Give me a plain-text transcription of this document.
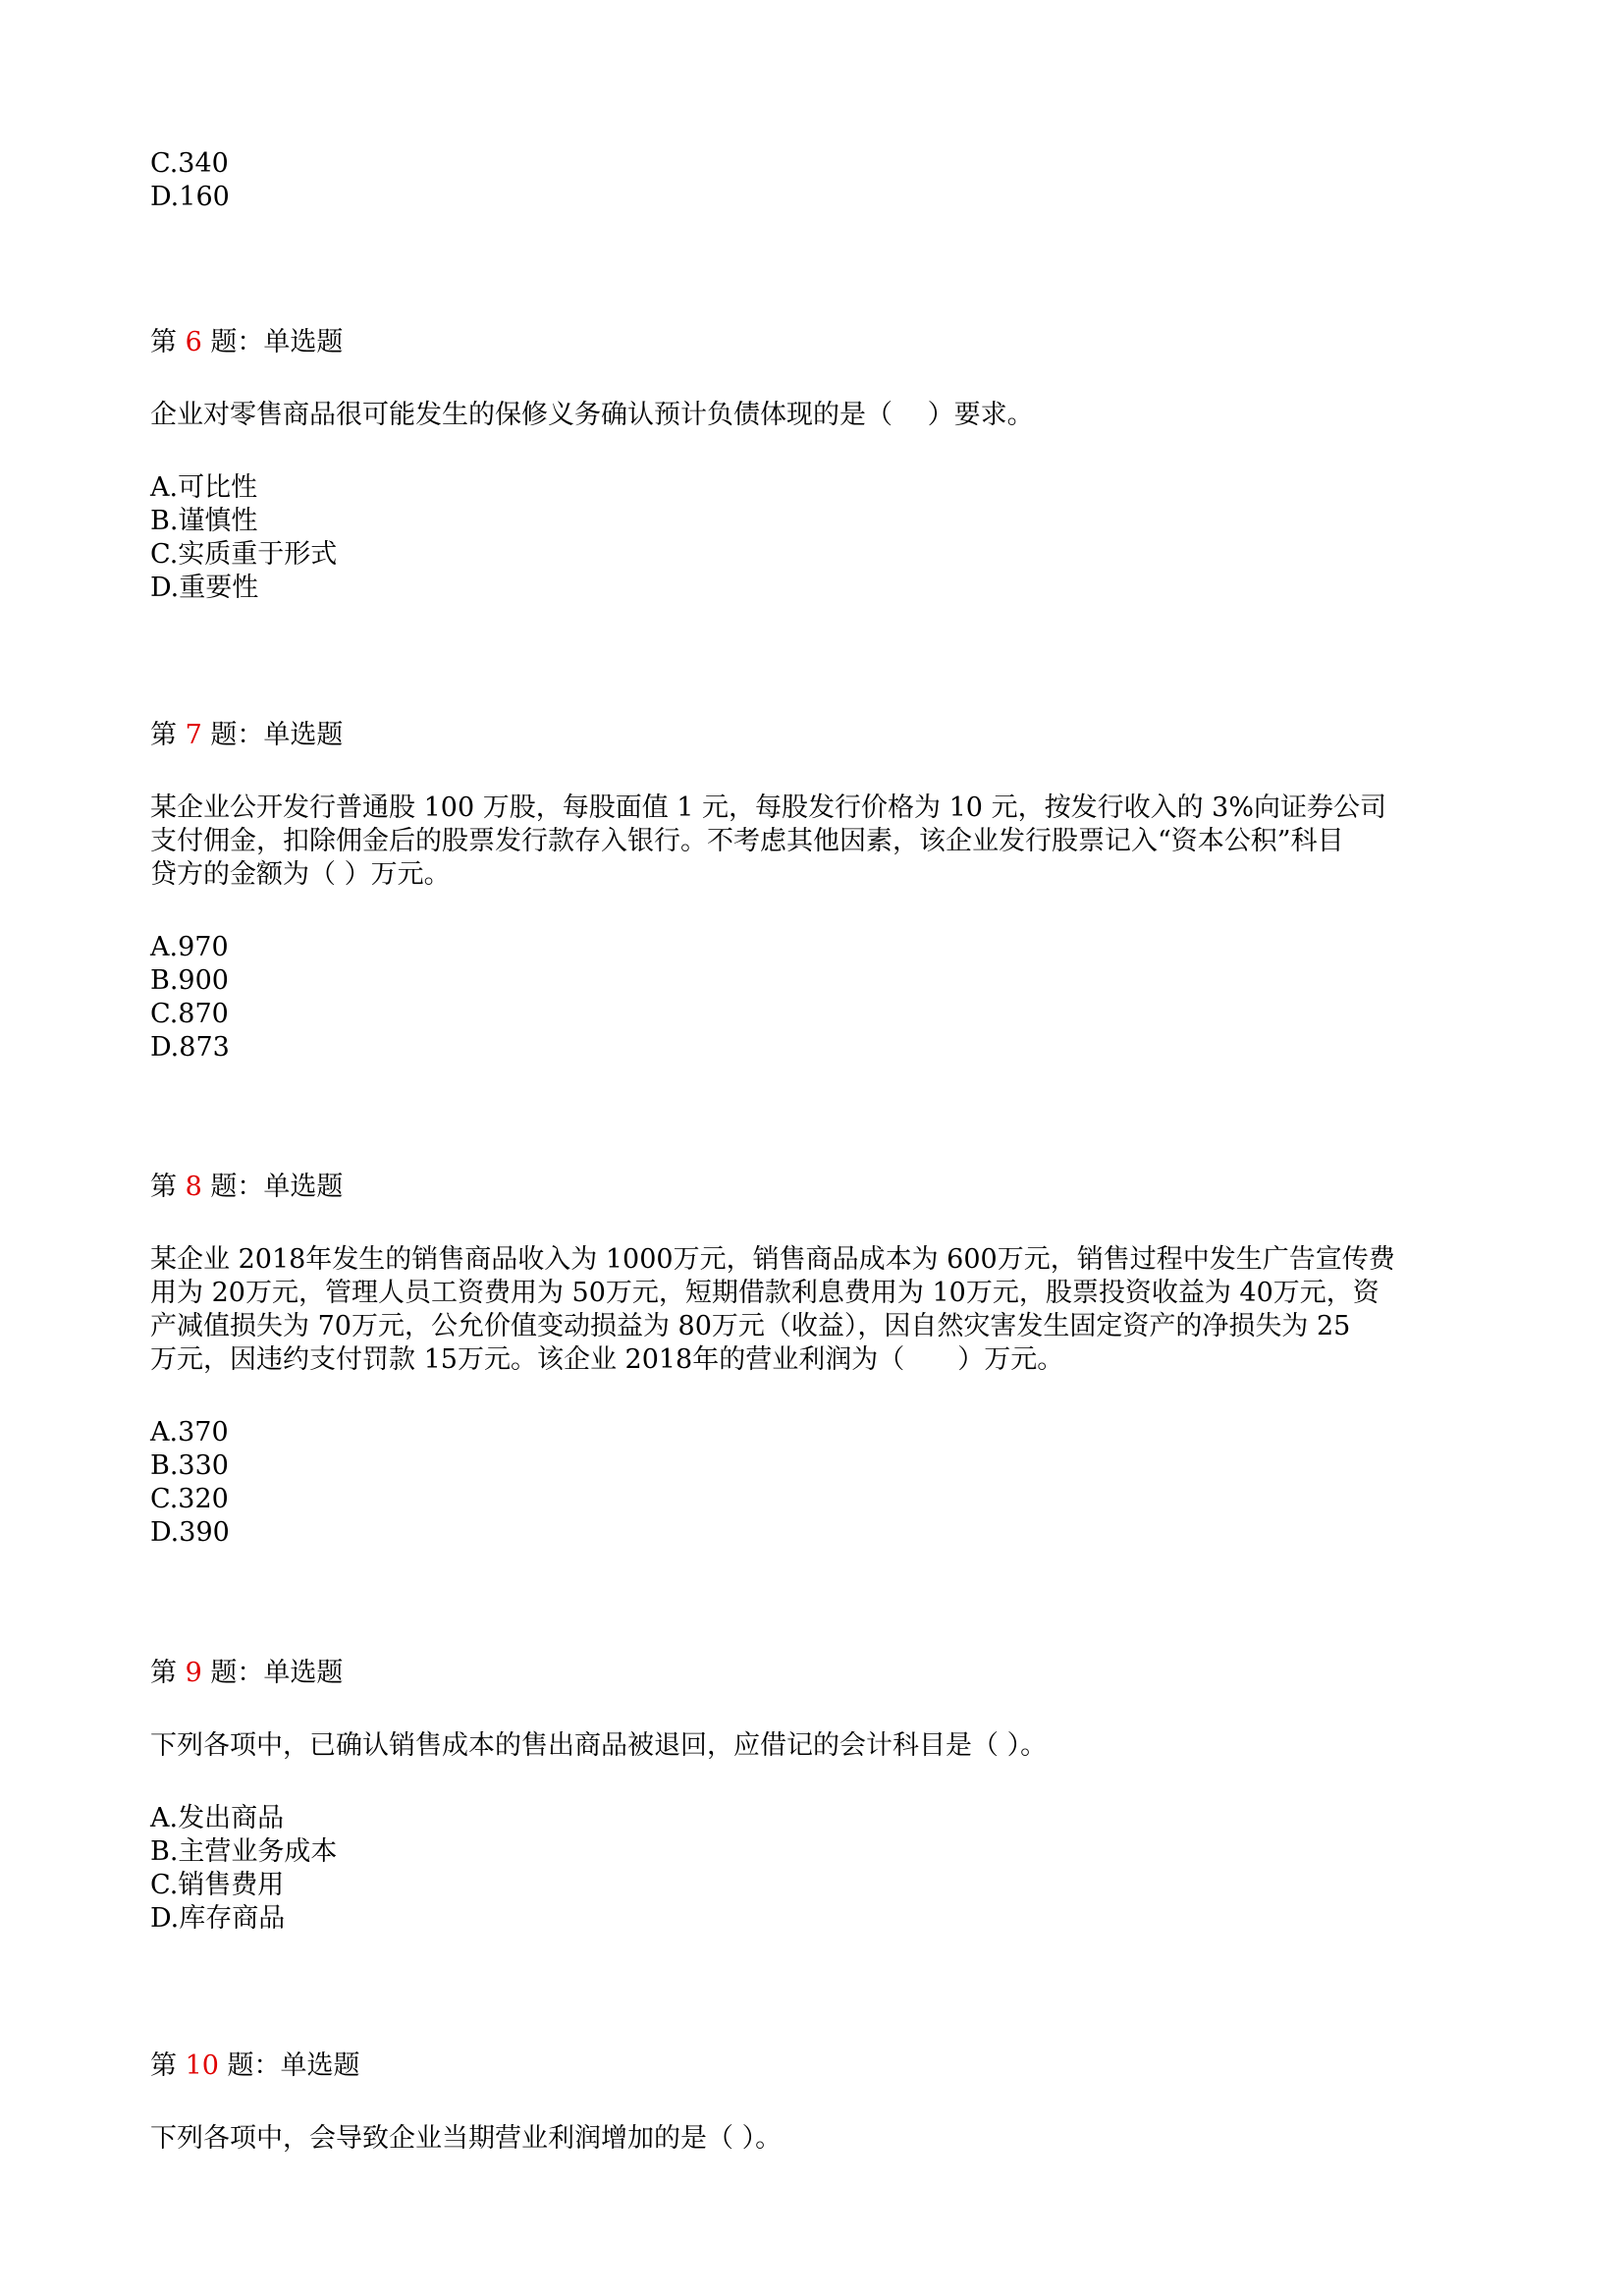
C.340
D.160
第 6 题：单选题
企业对零售商品很可能发生的保修义务确认预计负债体现的是（　 ）要求。
A.可比性
B.谨慎性
C.实质重于形式
D.重要性
第 7 题：单选题
某企业公开发行普通股 100 万股，每股面值 1 元，每股发行价格为 10 元，按发行收入的 3%向证券公司
支付佣金，扣除佣金后的股票发行款存入银行。不考虑其他因素，该企业发行股票记入“资本公积”科目
贷方的金额为（ ）万元。
A.970
B.900
C.870
D.873
第 8 题：单选题
某企业 2018年发生的销售商品收入为 1000万元，销售商品成本为 600万元，销售过程中发生广告宣传费
用为 20万元，管理人员工资费用为 50万元，短期借款利息费用为 10万元，股票投资收益为 40万元，资
产减值损失为 70万元，公允价值变动损益为 80万元（收益），因自然灾害发生固定资产的净损失为 25
万元，因违约支付罚款 15万元。该企业 2018年的营业利润为（　　）万元。
A.370
B.330
C.320
D.390
第 9 题：单选题
下列各项中，已确认销售成本的售出商品被退回，应借记的会计科目是（ ）。
A.发出商品
B.主营业务成本
C.销售费用
D.库存商品
第 10 题：单选题
下列各项中，会导致企业当期营业利润增加的是（ ）。
